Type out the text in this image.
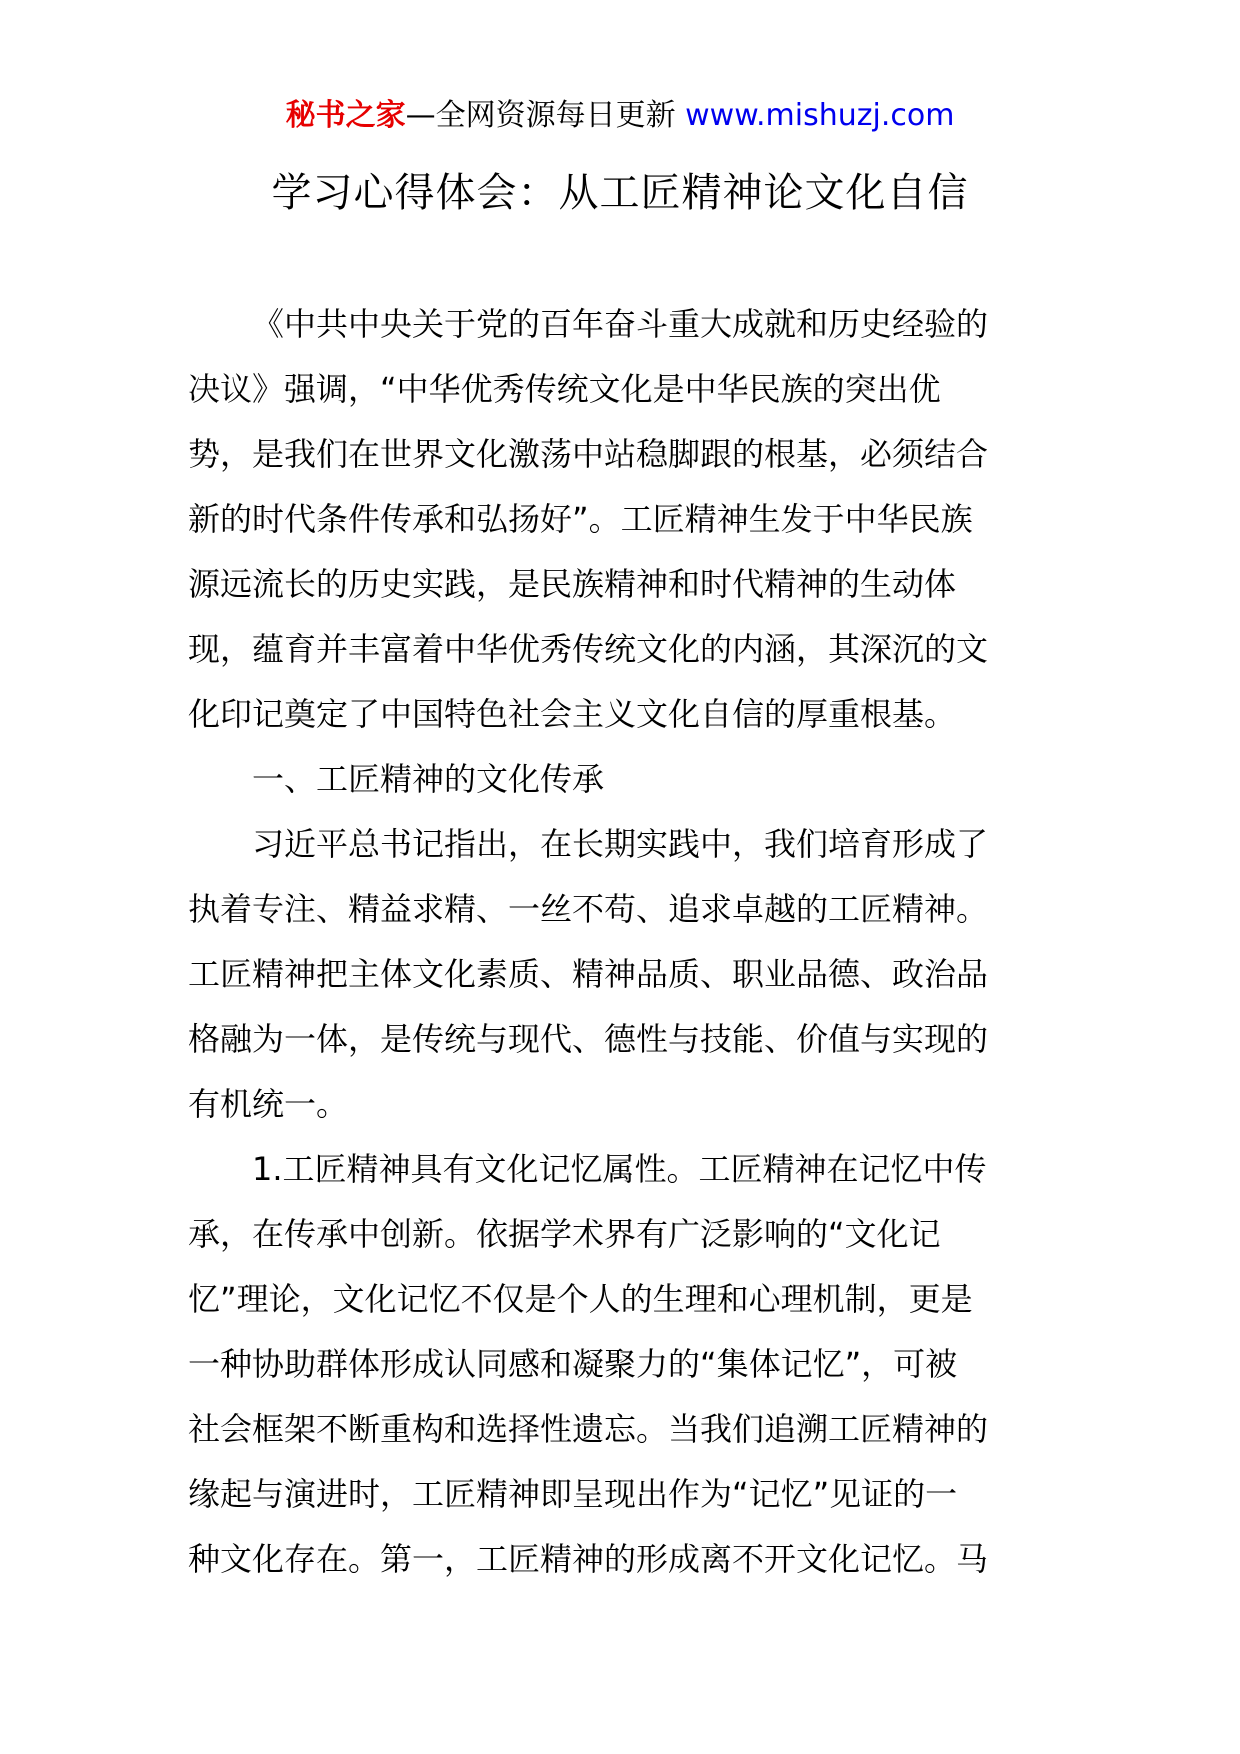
秘书之家—全网资源每日更新 www.mishuzj.com
学习心得体会：从工匠精神论文化自信
《中共中央关于党的百年奋斗重大成就和历史经验的
决议》强调，“中华优秀传统文化是中华民族的突出优
势，是我们在世界文化激荡中站稳脚跟的根基，必须结合
新的时代条件传承和弘扬好”。工匠精神生发于中华民族
源远流长的历史实践，是民族精神和时代精神的生动体
现，蕴育并丰富着中华优秀传统文化的内涵，其深沉的文
化印记奠定了中国特色社会主义文化自信的厚重根基。
一、工匠精神的文化传承
习近平总书记指出，在长期实践中，我们培育形成了
执着专注、精益求精、一丝不苟、追求卓越的工匠精神。
工匠精神把主体文化素质、精神品质、职业品德、政治品
格融为一体，是传统与现代、德性与技能、价值与实现的
有机统一。
1.工匠精神具有文化记忆属性。工匠精神在记忆中传
承，在传承中创新。依据学术界有广泛影响的“文化记
忆”理论，文化记忆不仅是个人的生理和心理机制，更是
一种协助群体形成认同感和凝聚力的“集体记忆”，可被
社会框架不断重构和选择性遗忘。当我们追溯工匠精神的
缘起与演进时，工匠精神即呈现出作为“记忆”见证的一
种文化存在。第一，工匠精神的形成离不开文化记忆。马
